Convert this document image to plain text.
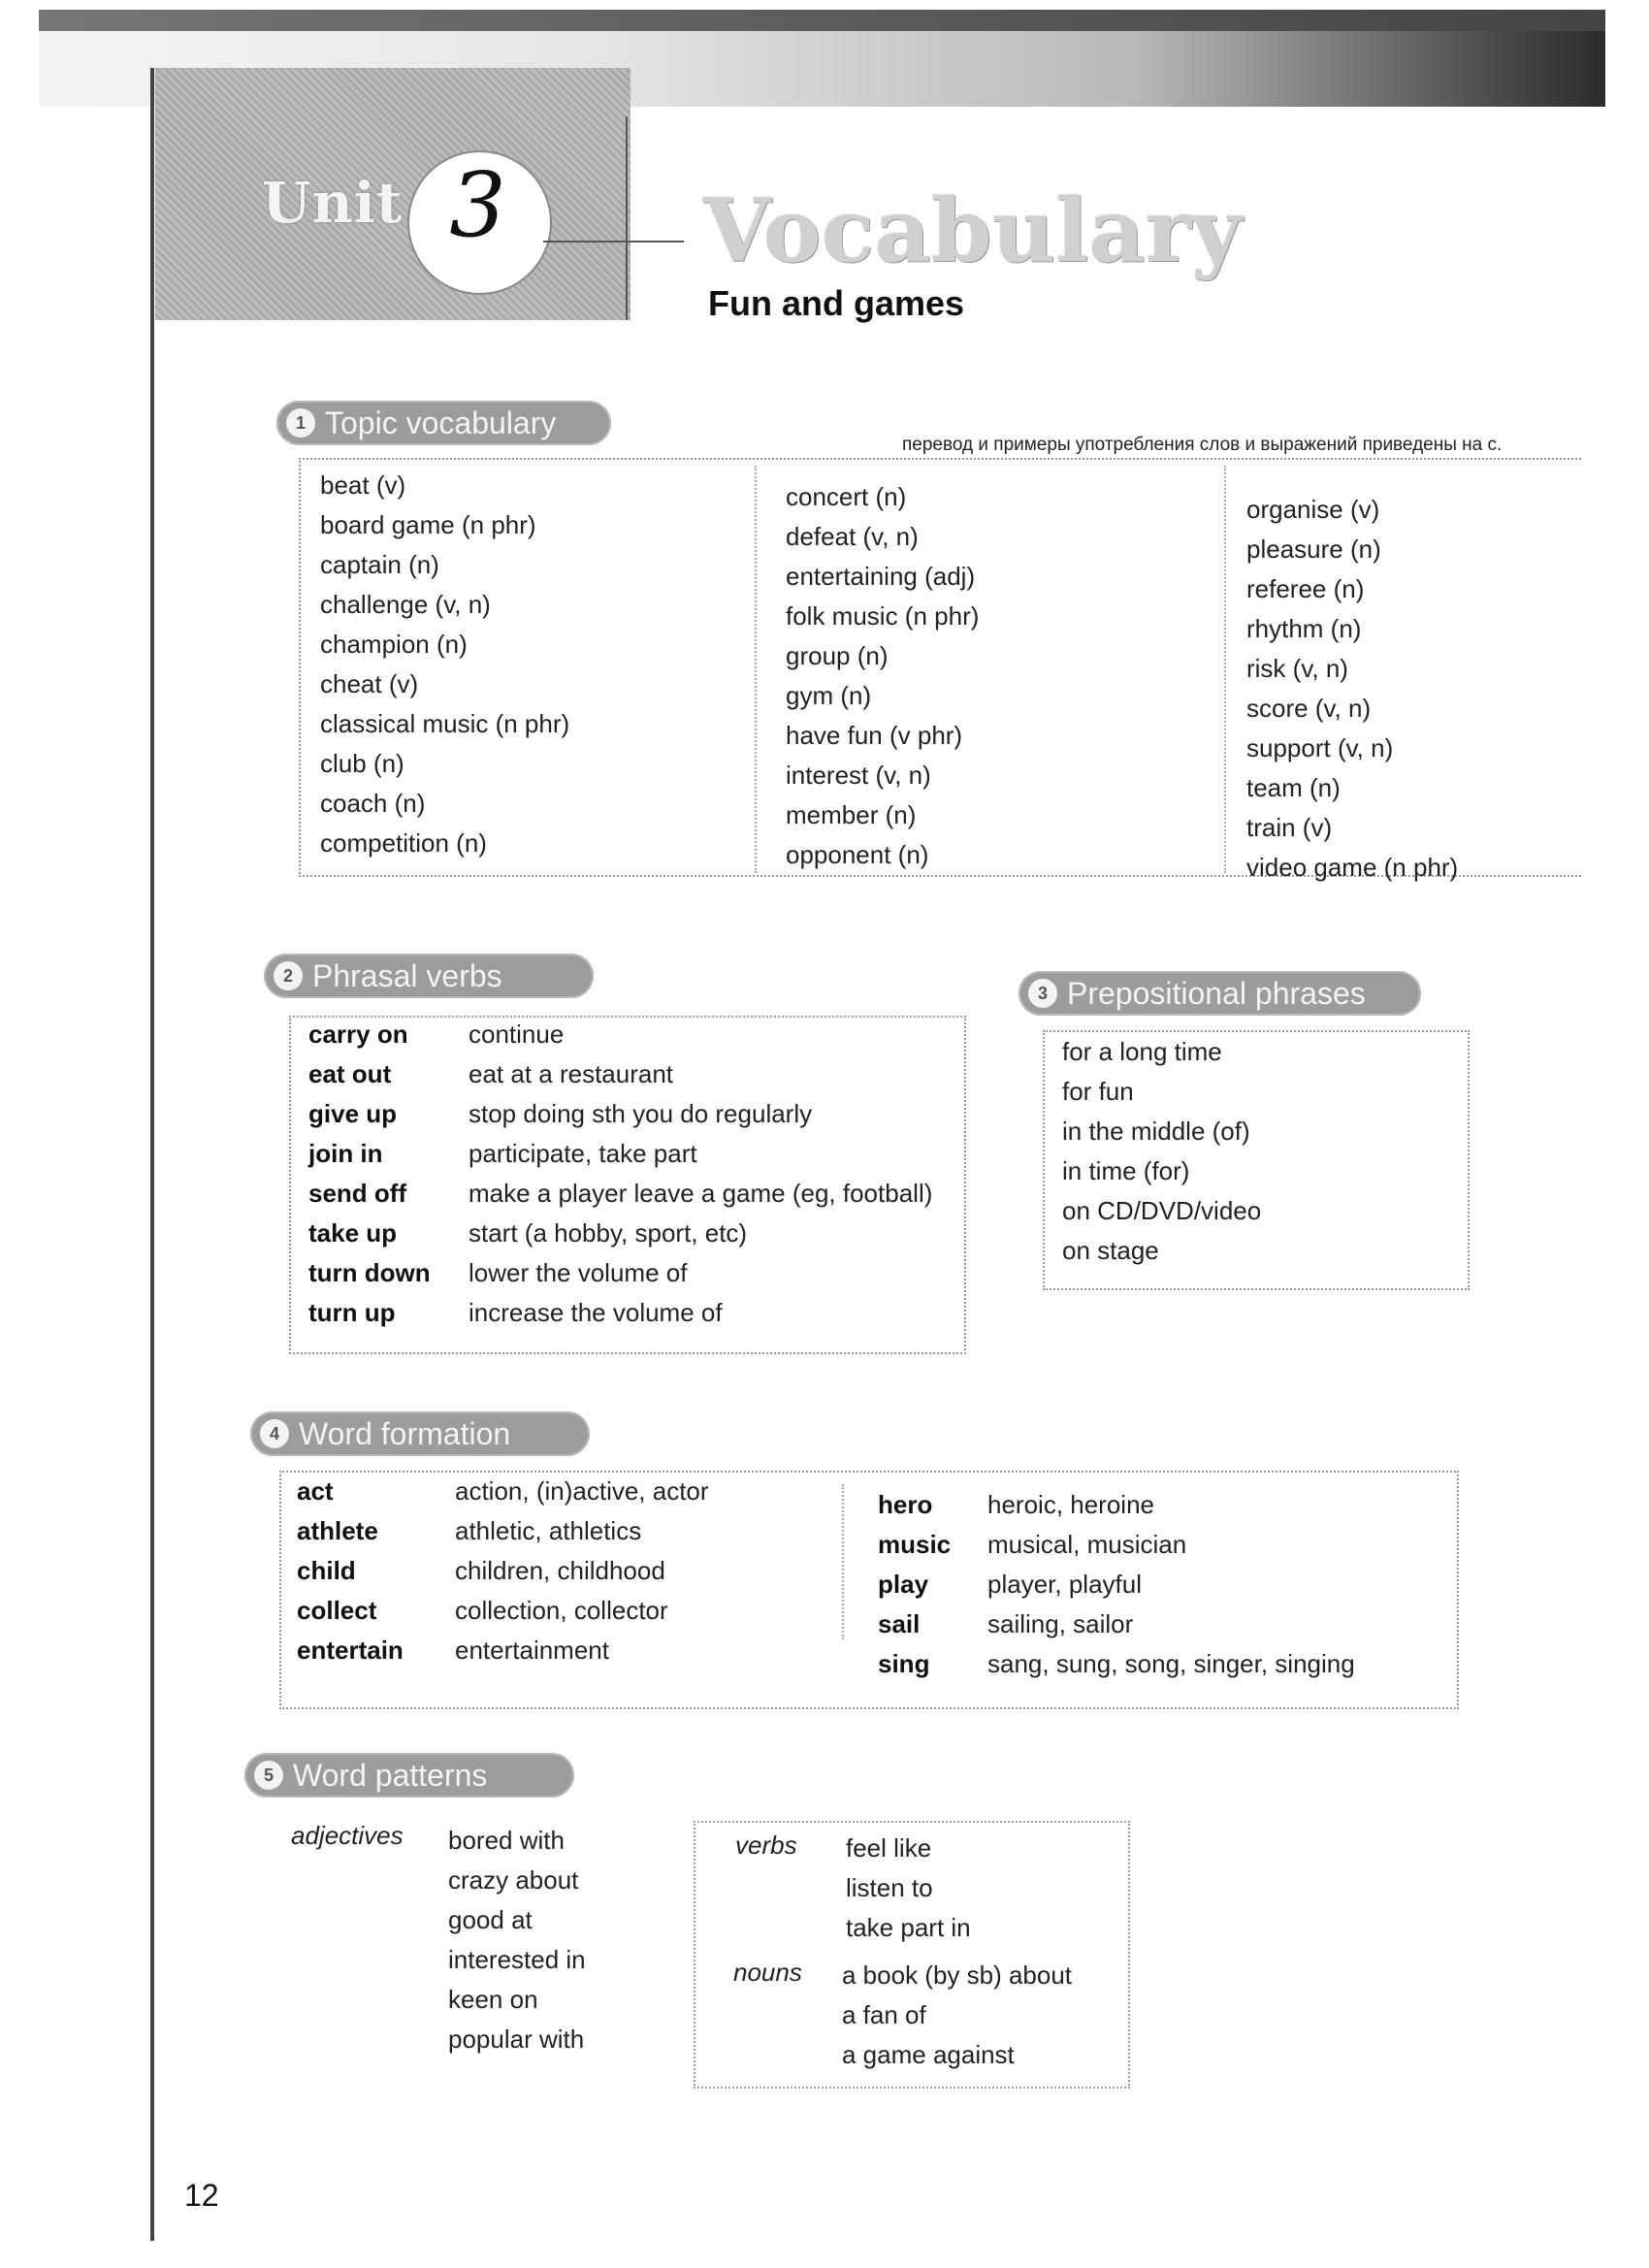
Unit 3	Vocabulary
Fun and games
1 Topic vocabulary
перевод и примеры употребления слов и выражений приведены на с.
beat (v)
board game (n phr)
captain (n)
challenge (v, n)
champion (n)
cheat (v)
classical music (n phr)
club (n)
coach (n)
competition (n)
concert (n)
defeat (v, n)
entertaining (adj)
folk music (n phr)
group (n)
gym (n)
have fun (v phr)
interest (v, n)
member (n)
opponent (n)
organise (v)
pleasure (n)
referee (n)
rhythm (n)
risk (v, n)
score (v, n)
support (v, n)
team (n)
train (v)
video game (n phr)
2 Phrasal verbs
carry on	continue
eat out	eat at a restaurant
give up	stop doing sth you do regularly
join in	participate, take part
send off	make a player leave a game (eg, football)
take up	start (a hobby, sport, etc)
turn down	lower the volume of
turn up	increase the volume of
3 Prepositional phrases
for a long time
for fun
in the middle (of)
in time (for)
on CD/DVD/video
on stage
4 Word formation
act	action, (in)active, actor
athlete	athletic, athletics
child	children, childhood
collect	collection, collector
entertain	entertainment
hero	heroic, heroine
music	musical, musician
play	player, playful
sail	sailing, sailor
sing	sang, sung, song, singer, singing
5 Word patterns
adjectives bored with
crazy about
good at
interested in
keen on
popular with
verbs feel like
listen to
take part in
nouns a book (by sb) about
a fan of
a game against
12
